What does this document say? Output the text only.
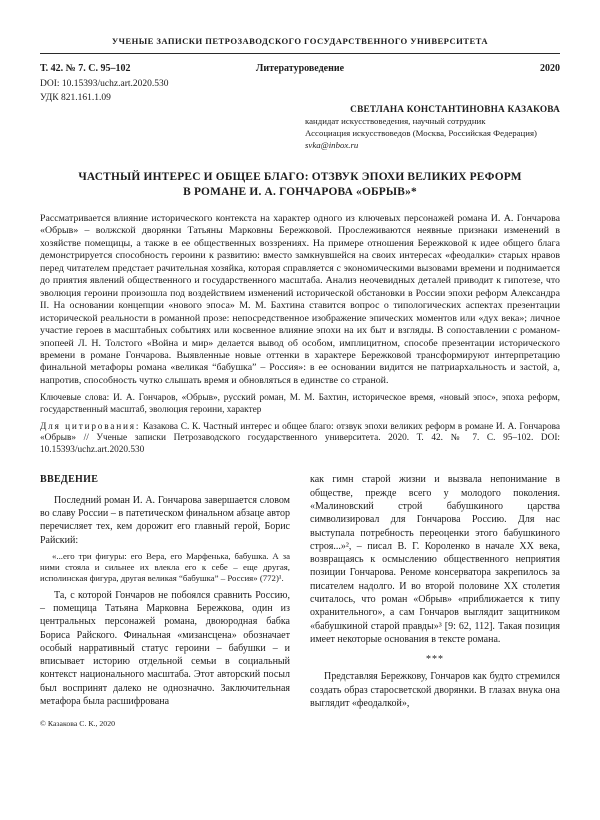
УЧЕНЫЕ ЗАПИСКИ ПЕТРОЗАВОДСКОГО ГОСУДАРСТВЕННОГО УНИВЕРСИТЕТА
Т. 42. № 7. С. 95–102	Литературоведение	2020
DOI: 10.15393/uchz.art.2020.530
УДК 821.161.1.09
СВЕТЛАНА КОНСТАНТИНОВНА КАЗАКОВА
кандидат искусствоведения, научный сотрудник
Ассоциация искусствоведов (Москва, Российская Федерация)
svka@inbox.ru
ЧАСТНЫЙ ИНТЕРЕС И ОБЩЕЕ БЛАГО: ОТЗВУК ЭПОХИ ВЕЛИКИХ РЕФОРМ
В РОМАНЕ И. А. ГОНЧАРОВА «ОБРЫВ»*

Рассматривается влияние исторического контекста на характер одного из ключевых персонажей романа И. А. Гончарова «Обрыв» – волжской дворянки Татьяны Марковны Бережковой. Прослеживаются неявные признаки изменений в хозяйстве помещицы, а также в ее общественных воззрениях. На примере отношения Бережковой к идее общего блага демонстрируется способность героини к развитию: вместо замкнувшейся на своих интересах «феодалки» старых нравов перед читателем предстает рачительная хозяйка, которая справляется с экономическими вызовами времени и поднимается до приятия явлений общественного и государственного масштаба. Анализ неочевидных деталей приводит к гипотезе, что эволюция героини произошла под воздействием изменений исторической обстановки в России эпохи реформ Александра II. На основании концепции «нового эпоса» М. М. Бахтина ставится вопрос о типологических аспектах презентации исторической реальности в романной прозе: непосредственное изображение эпических моментов или «дух века»; личное участие героев в масштабных событиях или косвенное влияние эпохи на их быт и взгляды. В сопоставлении с романом-эпопеей Л. Н. Толстого «Война и мир» делается вывод об особом, имплицитном, способе презентации исторического времени в романе Гончарова. Выявленные новые оттенки в характере Бережковой трансформируют интерпретацию финальной метафоры романа «великая “бабушка” – Россия»: в ее основании видится не патриархальность и застой, а, напротив, способность чутко слышать время и обновляться в единстве со страной.

Ключевые слова: И. А. Гончаров, «Обрыв», русский роман, М. М. Бахтин, историческое время, «новый эпос», эпоха реформ, государственный масштаб, эволюция героини, характер

Для цитирования: Казакова С. К. Частный интерес и общее благо: отзвук эпохи великих реформ в романе И. А. Гончарова «Обрыв» // Ученые записки Петрозаводского государственного университета. 2020. Т. 42. № 7. С. 95–102. DOI: 10.15393/uchz.art.2020.530

ВВЕДЕНИЕ

Последний роман И. А. Гончарова завершается словом во славу России – в патетическом финальном абзаце автор перечисляет тех, кем дорожит его главный герой, Борис Райский:

«...его три фигуры: его Вера, его Марфенька, бабушка. А за ними стояла и сильнее их влекла его к себе – еще другая, исполинская фигура, другая великая “бабушка” – Россия» (772)¹.

Та, с которой Гончаров не побоялся сравнить Россию, – помещица Татьяна Марковна Бережкова, один из центральных персонажей романа, двоюродная бабка Бориса Райского. Финальная «мизансцена» обозначает особый нарративный статус героини – бабушки – и вписывает историю отдельной семьи в социальный контекст национального масштаба. Этот авторский посыл был воспринят далеко не однозначно. Заключительная метафора была расшифрована

© Казакова С. К., 2020

как гимн старой жизни и вызвала непонимание в обществе, прежде всего у молодого поколения. «Малиновский строй бабушкиного царства символизировал для Гончарова Россию. Для нас выступала потребность переоценки этого бабушкиного строя...»², – писал В. Г. Короленко в начале XX века, возвращаясь к осмыслению общественного неприятия позиции Гончарова. Реноме консерватора закрепилось за писателем надолго. И во второй половине XX столетия считалось, что роман «Обрыв» «приближается к типу охранительного», а сам Гончаров выглядит защитником «бабушкиной старой правды»³ [9: 62, 112]. Такая позиция имеет некоторые основания в тексте романа.

***

Представляя Бережкову, Гончаров как будто стремился создать образ старосветской дворянки. В глазах внука она выглядит «феодалкой»,
